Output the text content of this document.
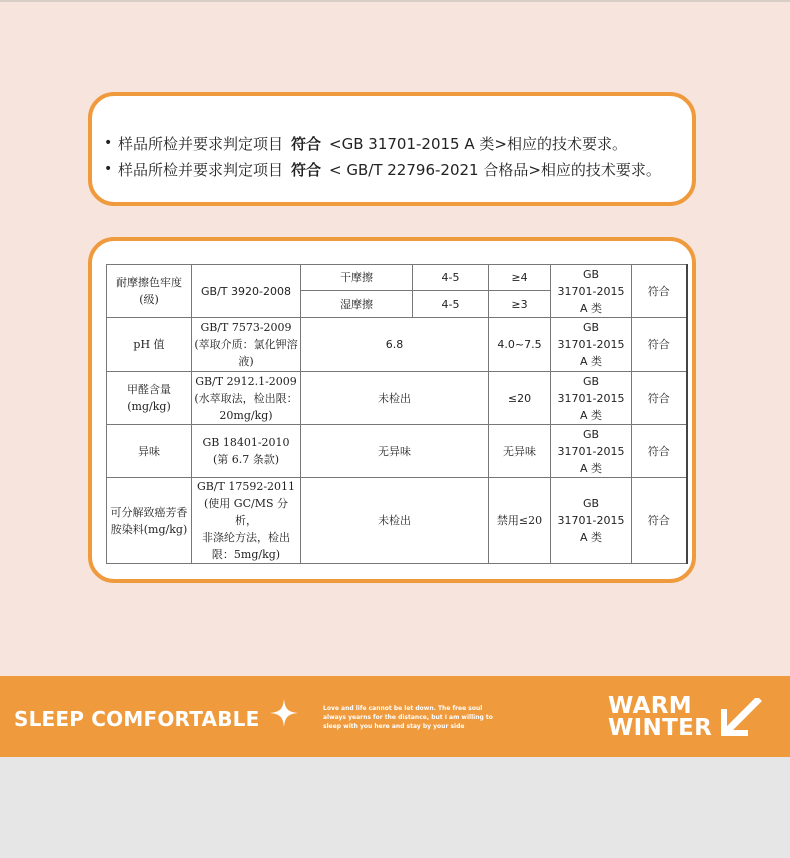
• 样品所检并要求判定项目 符合 <GB 31701-2015 A 类>相应的技术要求。
• 样品所检并要求判定项目 符合 < GB/T 22796-2021 合格品>相应的技术要求。
耐摩擦色牢度
(级)	GB/T 3920-2008	干摩擦	4-5	≥4	GB
31701-2015
A 类	符合
		湿摩擦	4-5	≥3		
pH 值	GB/T 7573-2009
(萃取介质：氯化钾溶
液)	6.8		4.0~7.5	GB
31701-2015
A 类	符合
甲醛含量
(mg/kg)	GB/T 2912.1-2009
(水萃取法，检出限：
20mg/kg)	未检出		≤20	GB
31701-2015
A 类	符合
异味	GB 18401-2010
(第 6.7 条款)	无异味		无异味	GB
31701-2015
A 类	符合
可分解致癌芳香
胺染料(mg/kg)	GB/T 17592-2011
(使用 GC/MS 分析，
非涤纶方法，检出
限：5mg/kg)	未检出		禁用≤20	GB
31701-2015
A 类	符合
SLEEP COMFORTABLE	Love and life cannot be let down. The free soul always yearns for the distance, but I am willing to sleep with you here and stay by your side
WARM
WINTER
